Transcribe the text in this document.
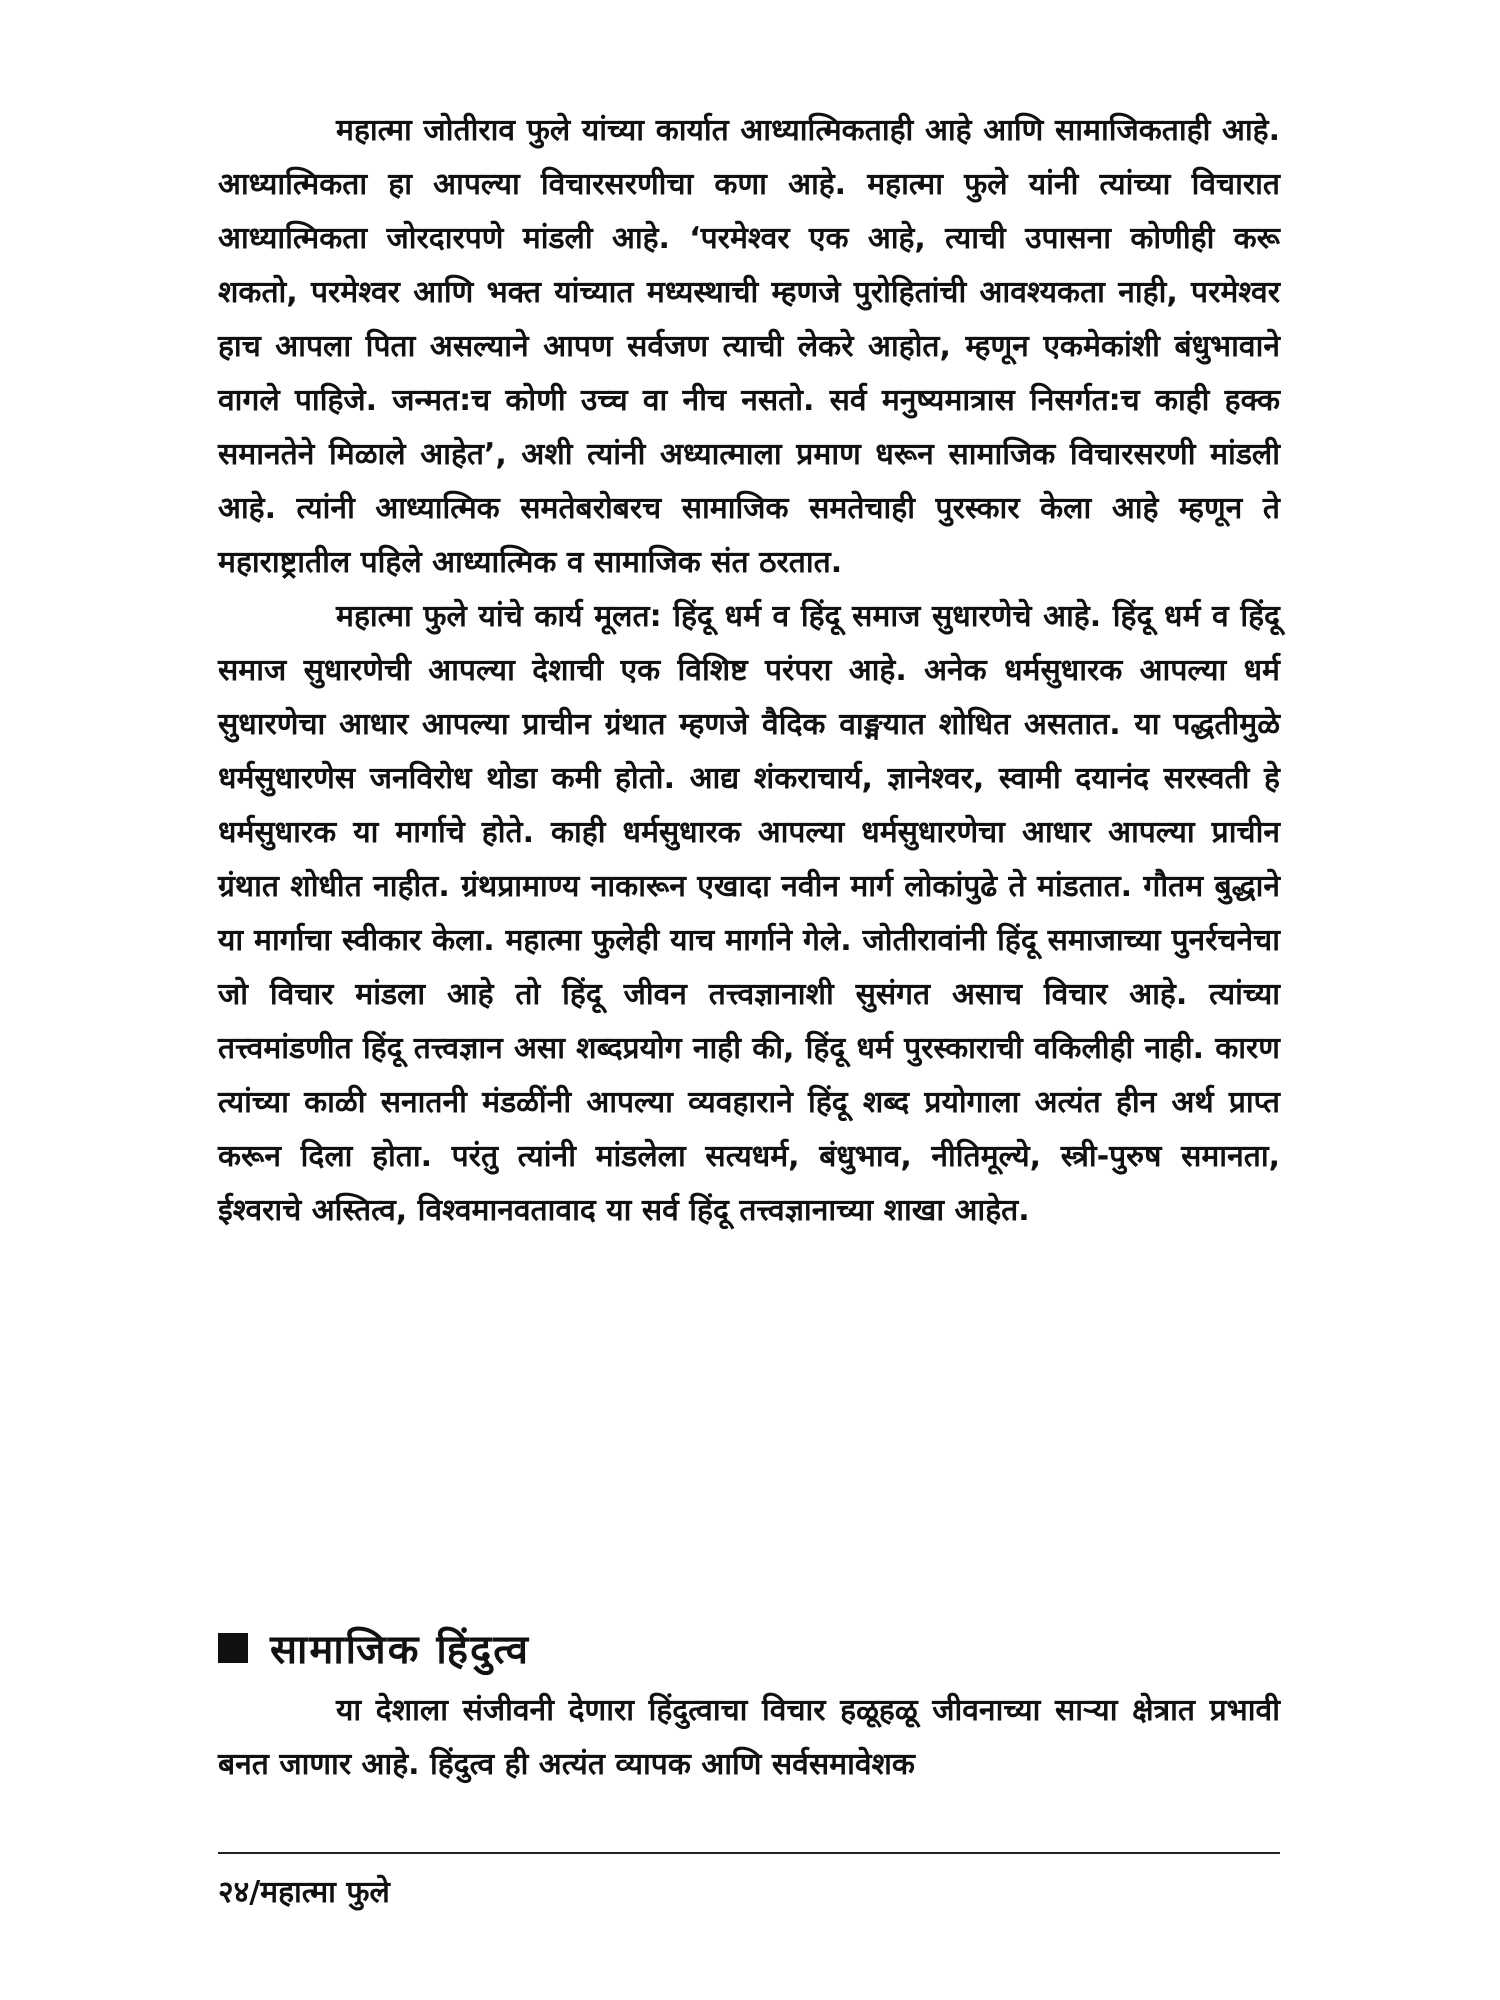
महात्मा जोतीराव फुले यांच्या कार्यात आध्यात्मिकताही आहे आणि सामाजिकताही आहे. आध्यात्मिकता हा आपल्या विचारसरणीचा कणा आहे. महात्मा फुले यांनी त्यांच्या विचारात आध्यात्मिकता जोरदारपणे मांडली आहे. ‘परमेश्वर एक आहे, त्याची उपासना कोणीही करू शकतो, परमेश्वर आणि भक्त यांच्यात मध्यस्थाची म्हणजे पुरोहितांची आवश्यकता नाही, परमेश्वर हाच आपला पिता असल्याने आपण सर्वजण त्याची लेकरे आहोत, म्हणून एकमेकांशी बंधुभावाने वागले पाहिजे. जन्मत:च कोणी उच्च वा नीच नसतो. सर्व मनुष्यमात्रास निसर्गत:च काही हक्क समानतेने मिळाले आहेत’, अशी त्यांनी अध्यात्माला प्रमाण धरून सामाजिक विचारसरणी मांडली आहे. त्यांनी आध्यात्मिक समतेबरोबरच सामाजिक समतेचाही पुरस्कार केला आहे म्हणून ते महाराष्ट्रातील पहिले आध्यात्मिक व सामाजिक संत ठरतात.

महात्मा फुले यांचे कार्य मूलत: हिंदू धर्म व हिंदू समाज सुधारणेचे आहे. हिंदू धर्म व हिंदू समाज सुधारणेची आपल्या देशाची एक विशिष्ट परंपरा आहे. अनेक धर्मसुधारक आपल्या धर्म सुधारणेचा आधार आपल्या प्राचीन ग्रंथात म्हणजे वैदिक वाङ्मयात शोधित असतात. या पद्धतीमुळे धर्मसुधारणेस जनविरोध थोडा कमी होतो. आद्य शंकराचार्य, ज्ञानेश्वर, स्वामी दयानंद सरस्वती हे धर्मसुधारक या मार्गाचे होते. काही धर्मसुधारक आपल्या धर्मसुधारणेचा आधार आपल्या प्राचीन ग्रंथात शोधीत नाहीत. ग्रंथप्रामाण्य नाकारून एखादा नवीन मार्ग लोकांपुढे ते मांडतात. गौतम बुद्धाने या मार्गाचा स्वीकार केला. महात्मा फुलेही याच मार्गाने गेले. जोतीरावांनी हिंदू समाजाच्या पुनर्रचनेचा जो विचार मांडला आहे तो हिंदू जीवन तत्त्वज्ञानाशी सुसंगत असाच विचार आहे. त्यांच्या तत्त्वमांडणीत हिंदू तत्त्वज्ञान असा शब्दप्रयोग नाही की, हिंदू धर्म पुरस्काराची वकिलीही नाही. कारण त्यांच्या काळी सनातनी मंडळींनी आपल्या व्यवहाराने हिंदू शब्द प्रयोगाला अत्यंत हीन अर्थ प्राप्त करून दिला होता. परंतु त्यांनी मांडलेला सत्यधर्म, बंधुभाव, नीतिमूल्ये, स्त्री-पुरुष समानता, ईश्वराचे अस्तित्व, विश्वमानवतावाद या सर्व हिंदू तत्त्वज्ञानाच्या शाखा आहेत.

सामाजिक हिंदुत्व

या देशाला संजीवनी देणारा हिंदुत्वाचा विचार हळूहळू जीवनाच्या साऱ्या क्षेत्रात प्रभावी बनत जाणार आहे. हिंदुत्व ही अत्यंत व्यापक आणि सर्वसमावेशक

२४/महात्मा फुले
